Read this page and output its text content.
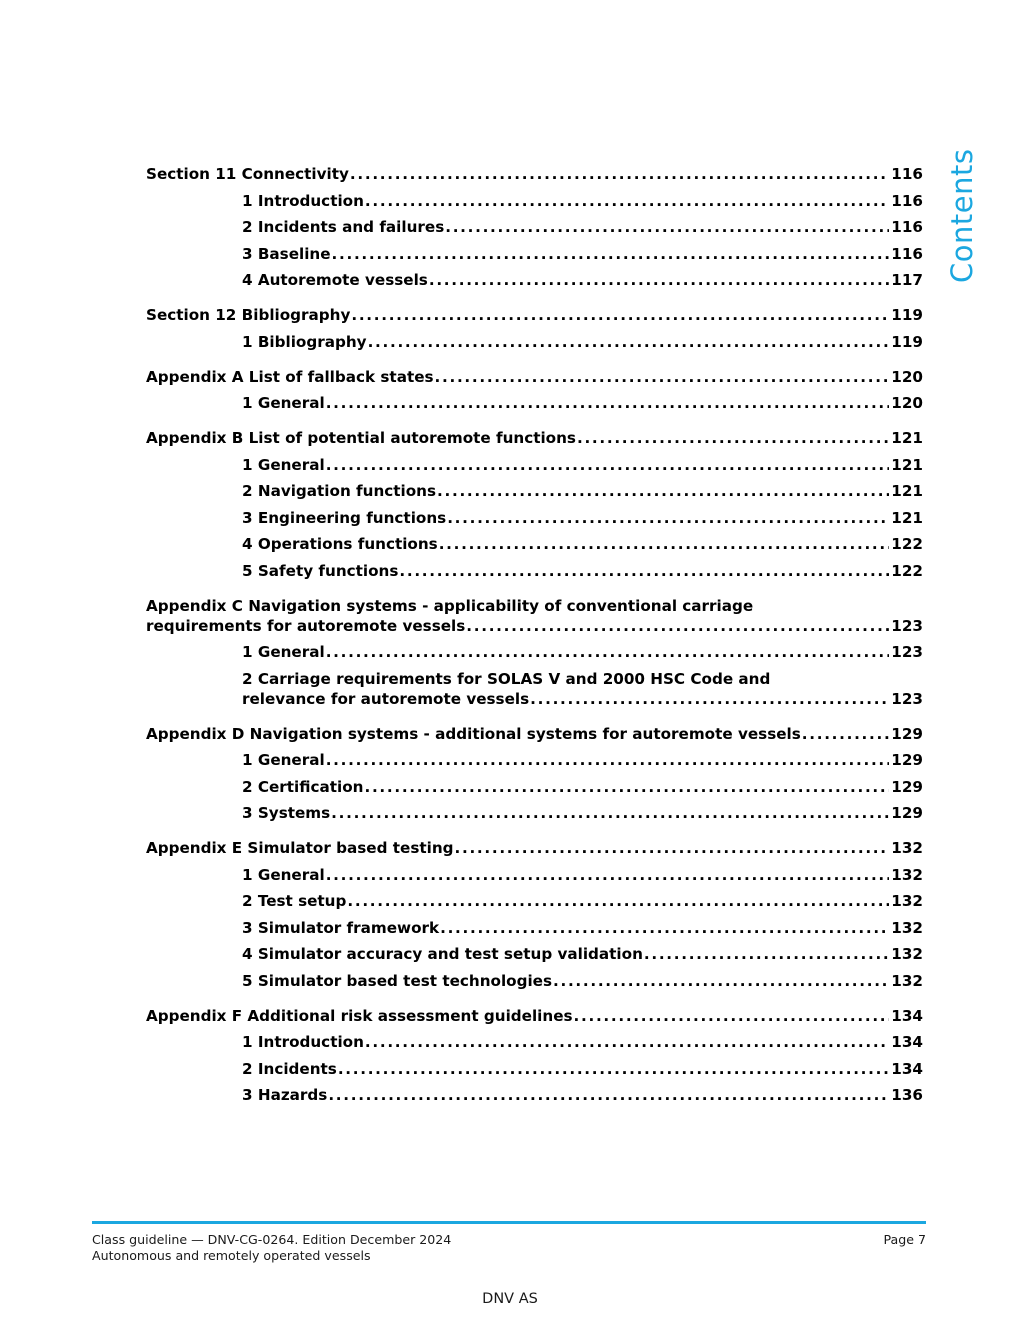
Contents
Section 11 Connectivity .....	116
1 Introduction .....	116
2 Incidents and failures .....	116
3 Baseline .....	116
4 Autoremote vessels .....	117
Section 12 Bibliography .....	119
1 Bibliography .....	119
Appendix A List of fallback states .....	120
1 General .....	120
Appendix B List of potential autoremote functions .....	121
1 General .....	121
2 Navigation functions .....	121
3 Engineering functions .....	121
4 Operations functions .....	122
5 Safety functions .....	122
Appendix C Navigation systems - applicability of conventional carriage
requirements for autoremote vessels .....	123
1 General .....	123
2 Carriage requirements for SOLAS V and 2000 HSC Code and
relevance for autoremote vessels .....	123
Appendix D Navigation systems - additional systems for autoremote vessels .....	129
1 General .....	129
2 Certification .....	129
3 Systems .....	129
Appendix E Simulator based testing .....	132
1 General .....	132
2 Test setup .....	132
3 Simulator framework .....	132
4 Simulator accuracy and test setup validation .....	132
5 Simulator based test technologies .....	132
Appendix F Additional risk assessment guidelines .....	134
1 Introduction .....	134
2 Incidents .....	134
3 Hazards .....	136
Class guideline — DNV-CG-0264. Edition December 2024
Autonomous and remotely operated vessels
Page 7
DNV AS
